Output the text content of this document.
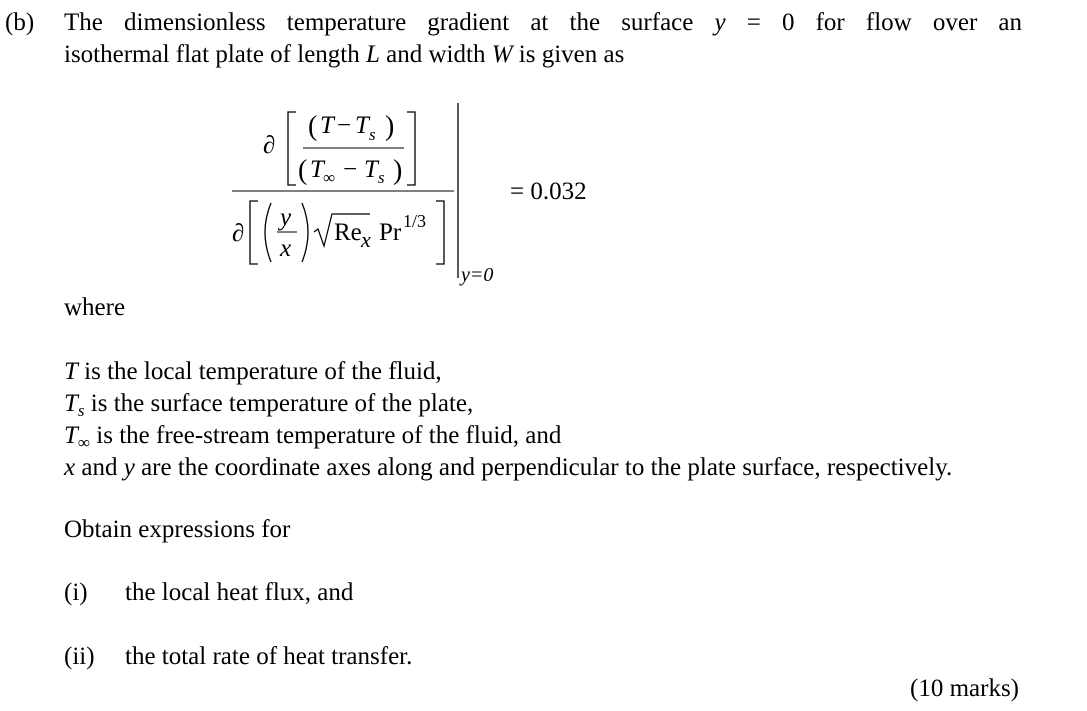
(b) The dimensionless temperature gradient at the surface y = 0 for flow over an
isothermal flat plate of length L and width W is given as
∂
( T − T s )
( T ∞ − T s )
∂
y
x
Re x Pr 1/3
y=0
= 0.032
where
T is the local temperature of the fluid,
$T_s$ is the surface temperature of the plate,
$T_\infty$ is the free-stream temperature of the fluid, and
x and y are the coordinate axes along and perpendicular to the plate surface, respectively.
Obtain expressions for
(i) the local heat flux, and
(ii) the total rate of heat transfer.
(10 marks)
